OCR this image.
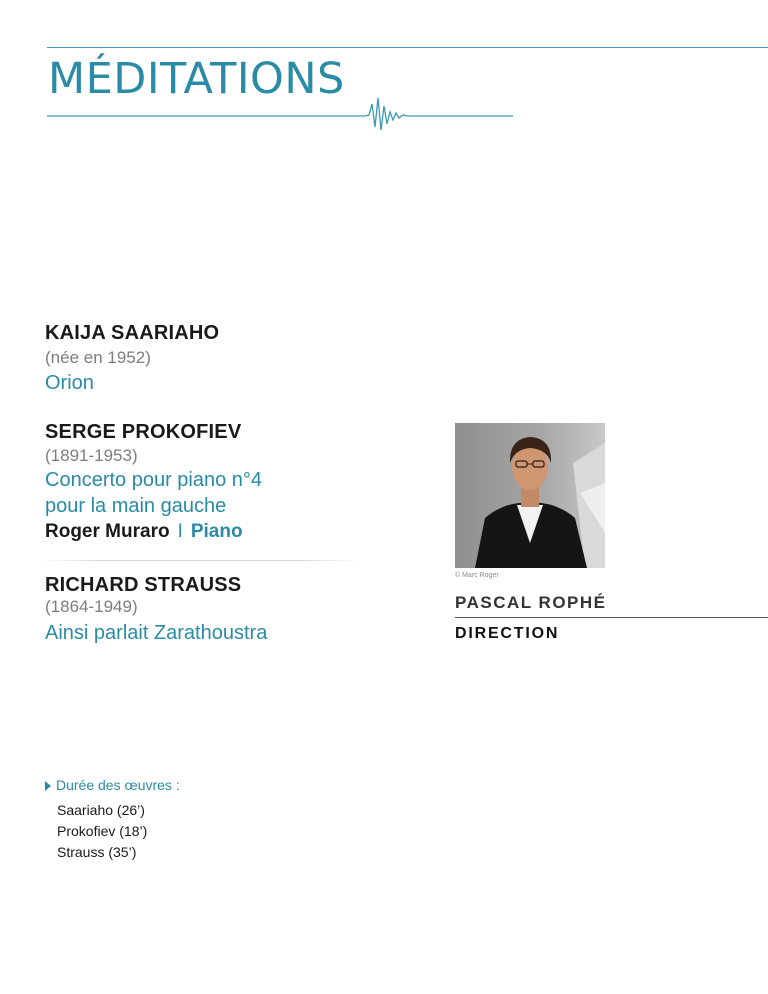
MÉDITATIONS
KAIJA SAARIAHO

(née en 1952)

Orion

SERGE PROKOFIEV

(1891-1953)

Concerto pour piano n°4

pour la main gauche

Roger Muraro I Piano

RICHARD STRAUSS

(1864-1949)

Ainsi parlait Zarathoustra

© Marc Roger

PASCAL ROPHÉ

DIRECTION

Durée des œuvres :

Saariaho (26’)

Prokofiev (18’)

Strauss (35’)
